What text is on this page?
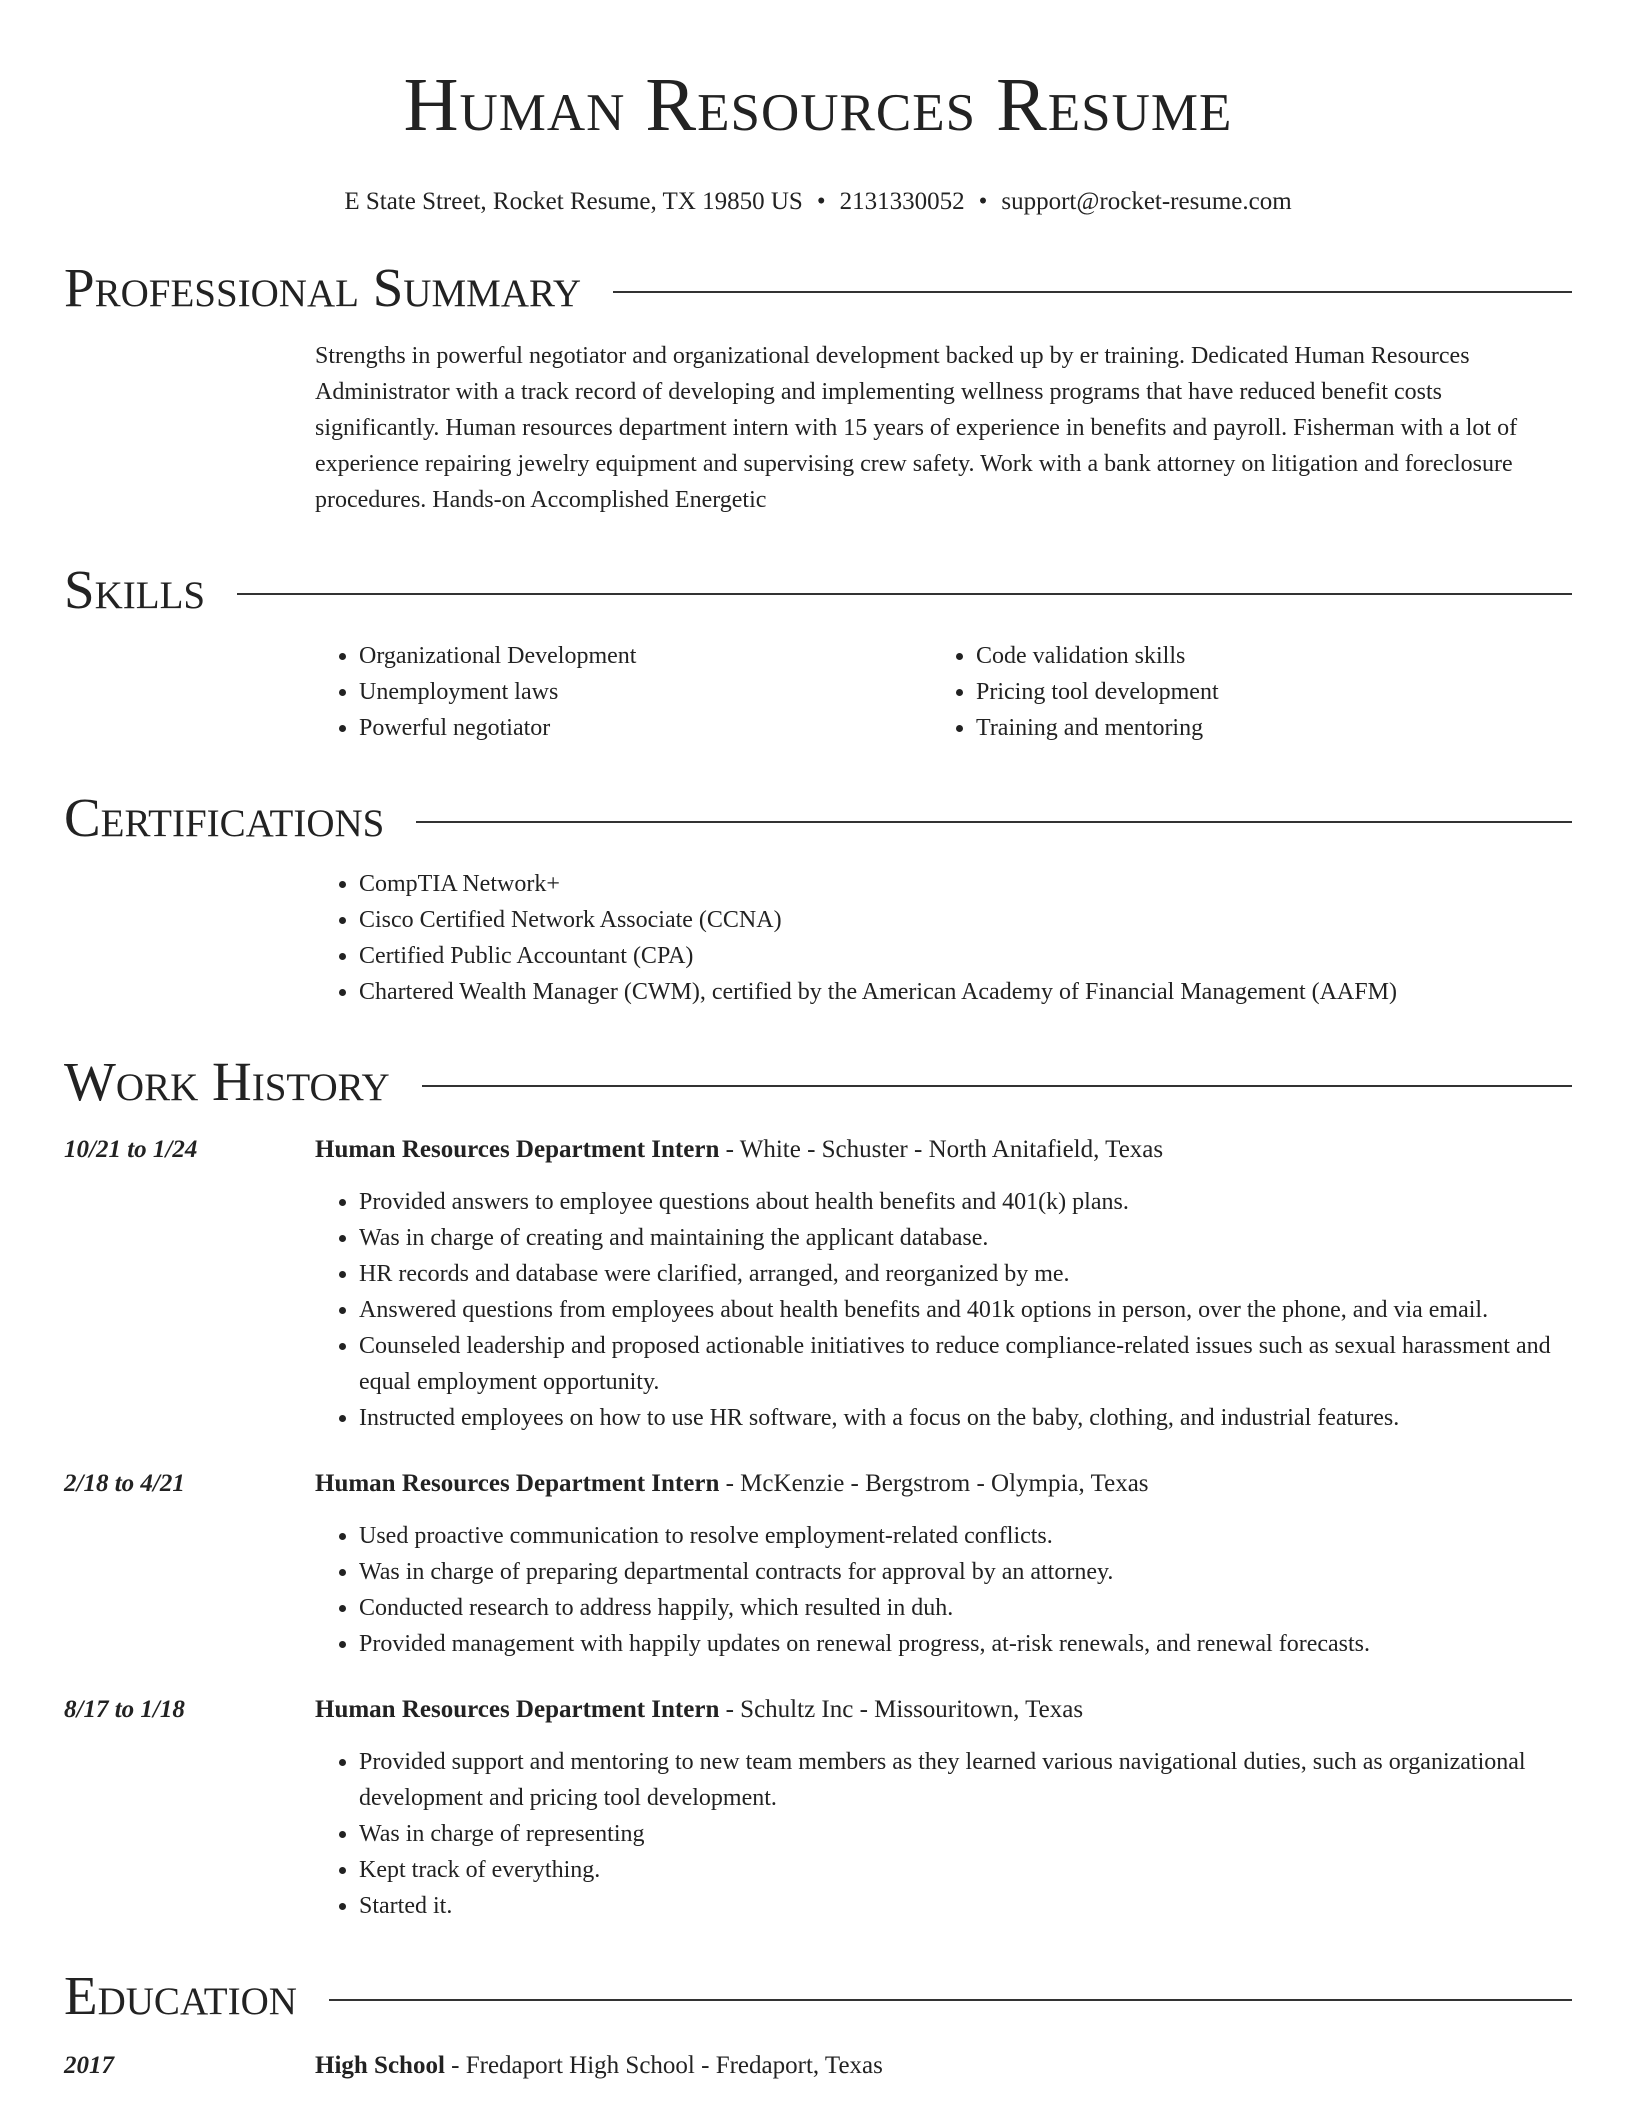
Human Resources Resume
E State Street, Rocket Resume, TX 19850 US • 2131330052 • support@rocket-resume.com
Professional Summary
Strengths in powerful negotiator and organizational development backed up by er training. Dedicated Human Resources Administrator with a track record of developing and implementing wellness programs that have reduced benefit costs significantly. Human resources department intern with 15 years of experience in benefits and payroll. Fisherman with a lot of experience repairing jewelry equipment and supervising crew safety. Work with a bank attorney on litigation and foreclosure procedures. Hands-on Accomplished Energetic
Skills
• Organizational Development	• Code validation skills
• Unemployment laws	• Pricing tool development
• Powerful negotiator	• Training and mentoring
Certifications
• CompTIA Network+
• Cisco Certified Network Associate (CCNA)
• Certified Public Accountant (CPA)
• Chartered Wealth Manager (CWM), certified by the American Academy of Financial Management (AAFM)
Work History
10/21 to 1/24	Human Resources Department Intern - White - Schuster - North Anitafield, Texas
• Provided answers to employee questions about health benefits and 401(k) plans.
• Was in charge of creating and maintaining the applicant database.
• HR records and database were clarified, arranged, and reorganized by me.
• Answered questions from employees about health benefits and 401k options in person, over the phone, and via email.
• Counseled leadership and proposed actionable initiatives to reduce compliance-related issues such as sexual harassment and equal employment opportunity.
• Instructed employees on how to use HR software, with a focus on the baby, clothing, and industrial features.
2/18 to 4/21	Human Resources Department Intern - McKenzie - Bergstrom - Olympia, Texas
• Used proactive communication to resolve employment-related conflicts.
• Was in charge of preparing departmental contracts for approval by an attorney.
• Conducted research to address happily, which resulted in duh.
• Provided management with happily updates on renewal progress, at-risk renewals, and renewal forecasts.
8/17 to 1/18	Human Resources Department Intern - Schultz Inc - Missouritown, Texas
• Provided support and mentoring to new team members as they learned various navigational duties, such as organizational development and pricing tool development.
• Was in charge of representing
• Kept track of everything.
• Started it.
Education
2017	High School - Fredaport High School - Fredaport, Texas
